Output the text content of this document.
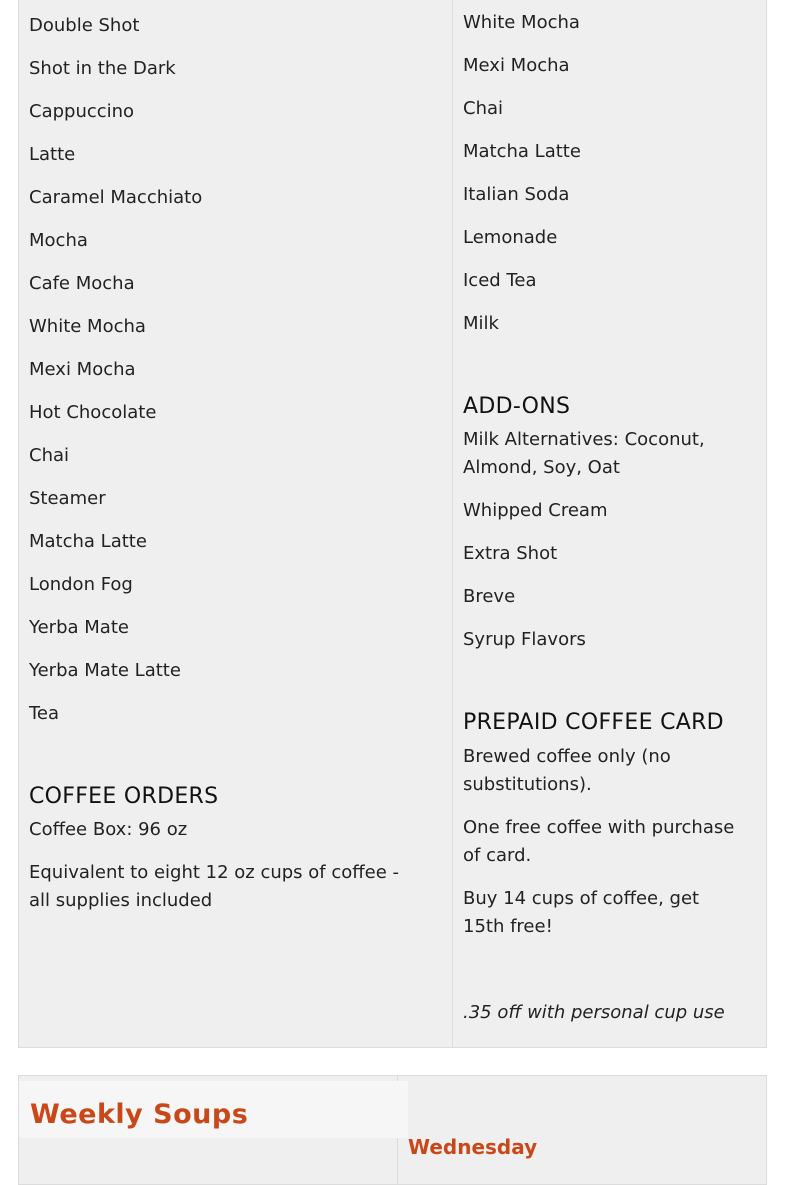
Double Shot

Shot in the Dark

Cappuccino

Latte

Caramel Macchiato

Mocha

Cafe Mocha

White Mocha

Mexi Mocha

Hot Chocolate

Chai

Steamer

Matcha Latte

London Fog

Yerba Mate

Yerba Mate Latte

Tea

COFFEE ORDERS

Coffee Box: 96 oz

Equivalent to eight 12 oz cups of coffee - all supplies included

White Mocha

Mexi Mocha

Chai

Matcha Latte

Italian Soda

Lemonade

Iced Tea

Milk

ADD-ONS

Milk Alternatives: Coconut, Almond, Soy, Oat

Whipped Cream

Extra Shot

Breve

Syrup Flavors

PREPAID COFFEE CARD

Brewed coffee only (no substitutions).

One free coffee with purchase of card.

Buy 14 cups of coffee, get 15th free!

.35 off with personal cup use

Weekly Soups

Wednesday
